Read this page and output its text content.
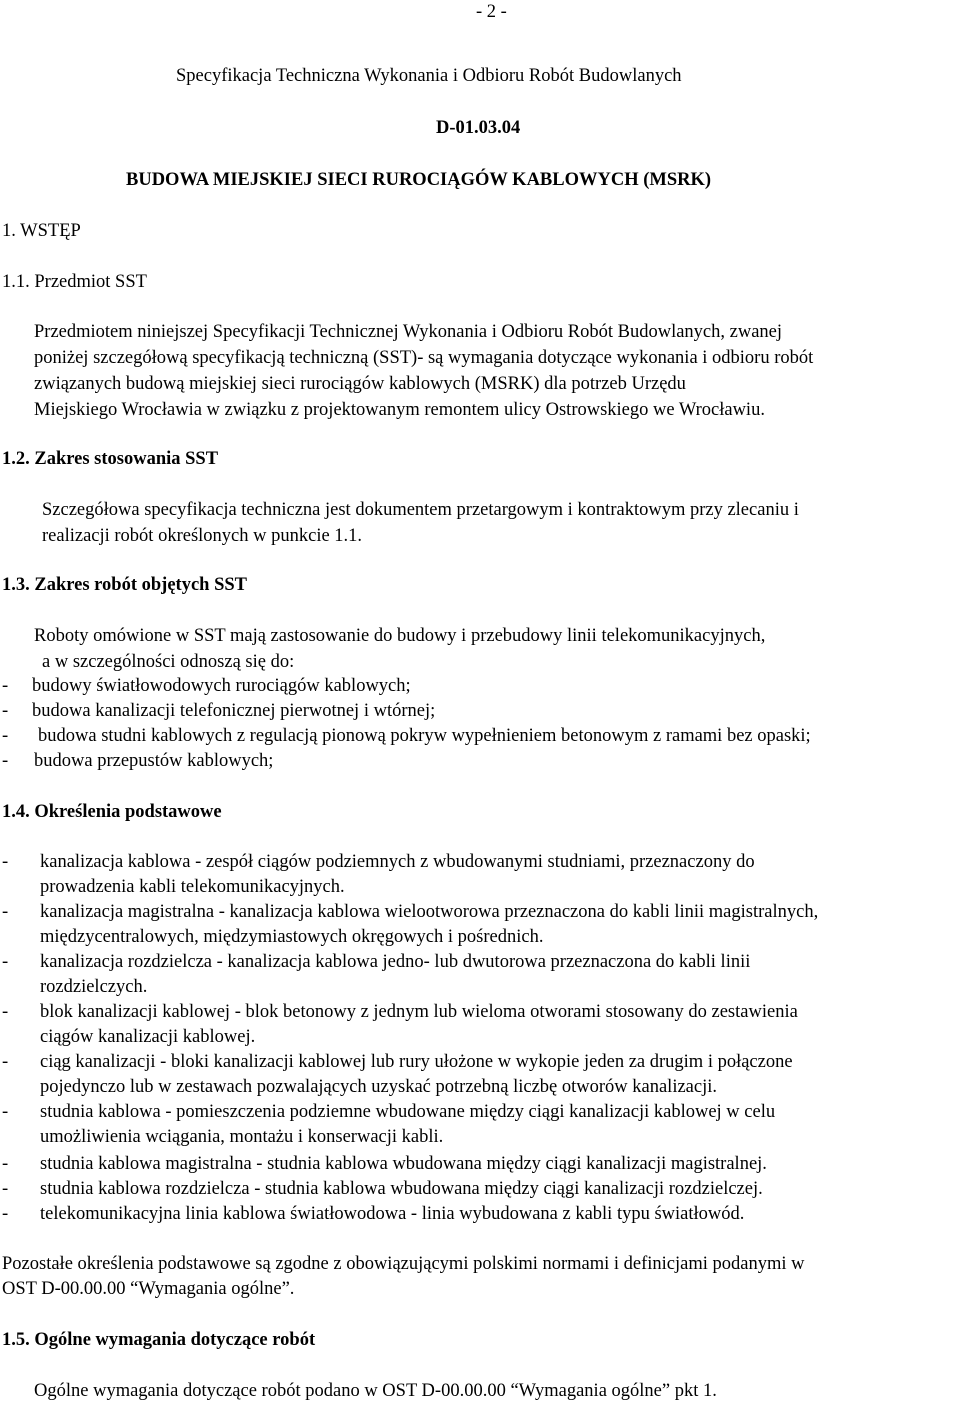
- 2 -
Specyfikacja Techniczna Wykonania i Odbioru Robót Budowlanych
D-01.03.04
BUDOWA MIEJSKIEJ SIECI RUROCIĄGÓW KABLOWYCH (MSRK)
1. WSTĘP
1.1. Przedmiot SST
Przedmiotem niniejszej Specyfikacji Technicznej Wykonania i Odbioru Robót Budowlanych, zwanej
poniżej szczegółową specyfikacją techniczną (SST)- są wymagania dotyczące wykonania i odbioru robót
związanych budową miejskiej sieci rurociągów kablowych (MSRK) dla potrzeb Urzędu
Miejskiego Wrocławia w związku z projektowanym remontem ulicy Ostrowskiego we Wrocławiu.
1.2. Zakres stosowania SST
Szczegółowa specyfikacja techniczna jest dokumentem przetargowym i kontraktowym przy zlecaniu i
realizacji robót określonych w punkcie 1.1.
1.3. Zakres robót objętych SST
Roboty omówione w SST mają zastosowanie do budowy i przebudowy linii telekomunikacyjnych,
a w szczególności odnoszą się do:
- budowy światłowodowych rurociągów kablowych;
- budowa kanalizacji telefonicznej pierwotnej i wtórnej;
- budowa studni kablowych z regulacją pionową pokryw wypełnieniem betonowym z ramami bez opaski;
- budowa przepustów kablowych;
1.4. Określenia podstawowe
- kanalizacja kablowa - zespół ciągów podziemnych z wbudowanymi studniami, przeznaczony do
prowadzenia kabli telekomunikacyjnych.
- kanalizacja magistralna - kanalizacja kablowa wielootworowa przeznaczona do kabli linii magistralnych,
międzycentralowych, międzymiastowych okręgowych i pośrednich.
- kanalizacja rozdzielcza - kanalizacja kablowa jedno- lub dwutorowa przeznaczona do kabli linii
rozdzielczych.
- blok kanalizacji kablowej - blok betonowy z jednym lub wieloma otworami stosowany do zestawienia
ciągów kanalizacji kablowej.
- ciąg kanalizacji - bloki kanalizacji kablowej lub rury ułożone w wykopie jeden za drugim i połączone
pojedynczo lub w zestawach pozwalających uzyskać potrzebną liczbę otworów kanalizacji.
- studnia kablowa - pomieszczenia podziemne wbudowane między ciągi kanalizacji kablowej w celu
umożliwienia wciągania, montażu i konserwacji kabli.
- studnia kablowa magistralna - studnia kablowa wbudowana między ciągi kanalizacji magistralnej.
- studnia kablowa rozdzielcza - studnia kablowa wbudowana między ciągi kanalizacji rozdzielczej.
- telekomunikacyjna linia kablowa światłowodowa - linia wybudowana z kabli typu światłowód.
Pozostałe określenia podstawowe są zgodne z obowiązującymi polskimi normami i definicjami podanymi w
OST D-00.00.00 “Wymagania ogólne”.
1.5. Ogólne wymagania dotyczące robót
Ogólne wymagania dotyczące robót podano w OST D-00.00.00 “Wymagania ogólne” pkt 1.
